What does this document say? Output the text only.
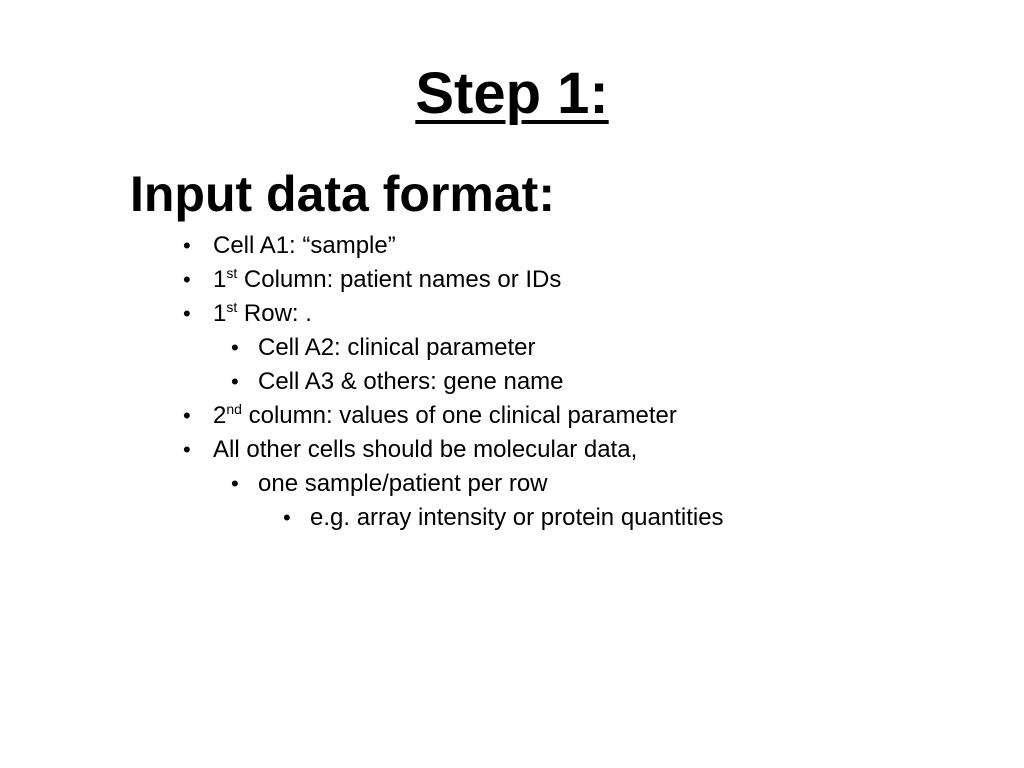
Step 1:
Input data format:
• Cell A1: “sample”
• 1st Column: patient names or IDs
• 1st Row: .
• Cell A2: clinical parameter
• Cell A3 & others: gene name
• 2nd column: values of one clinical parameter
• All other cells should be molecular data,
• one sample/patient per row
• e.g. array intensity or protein quantities
